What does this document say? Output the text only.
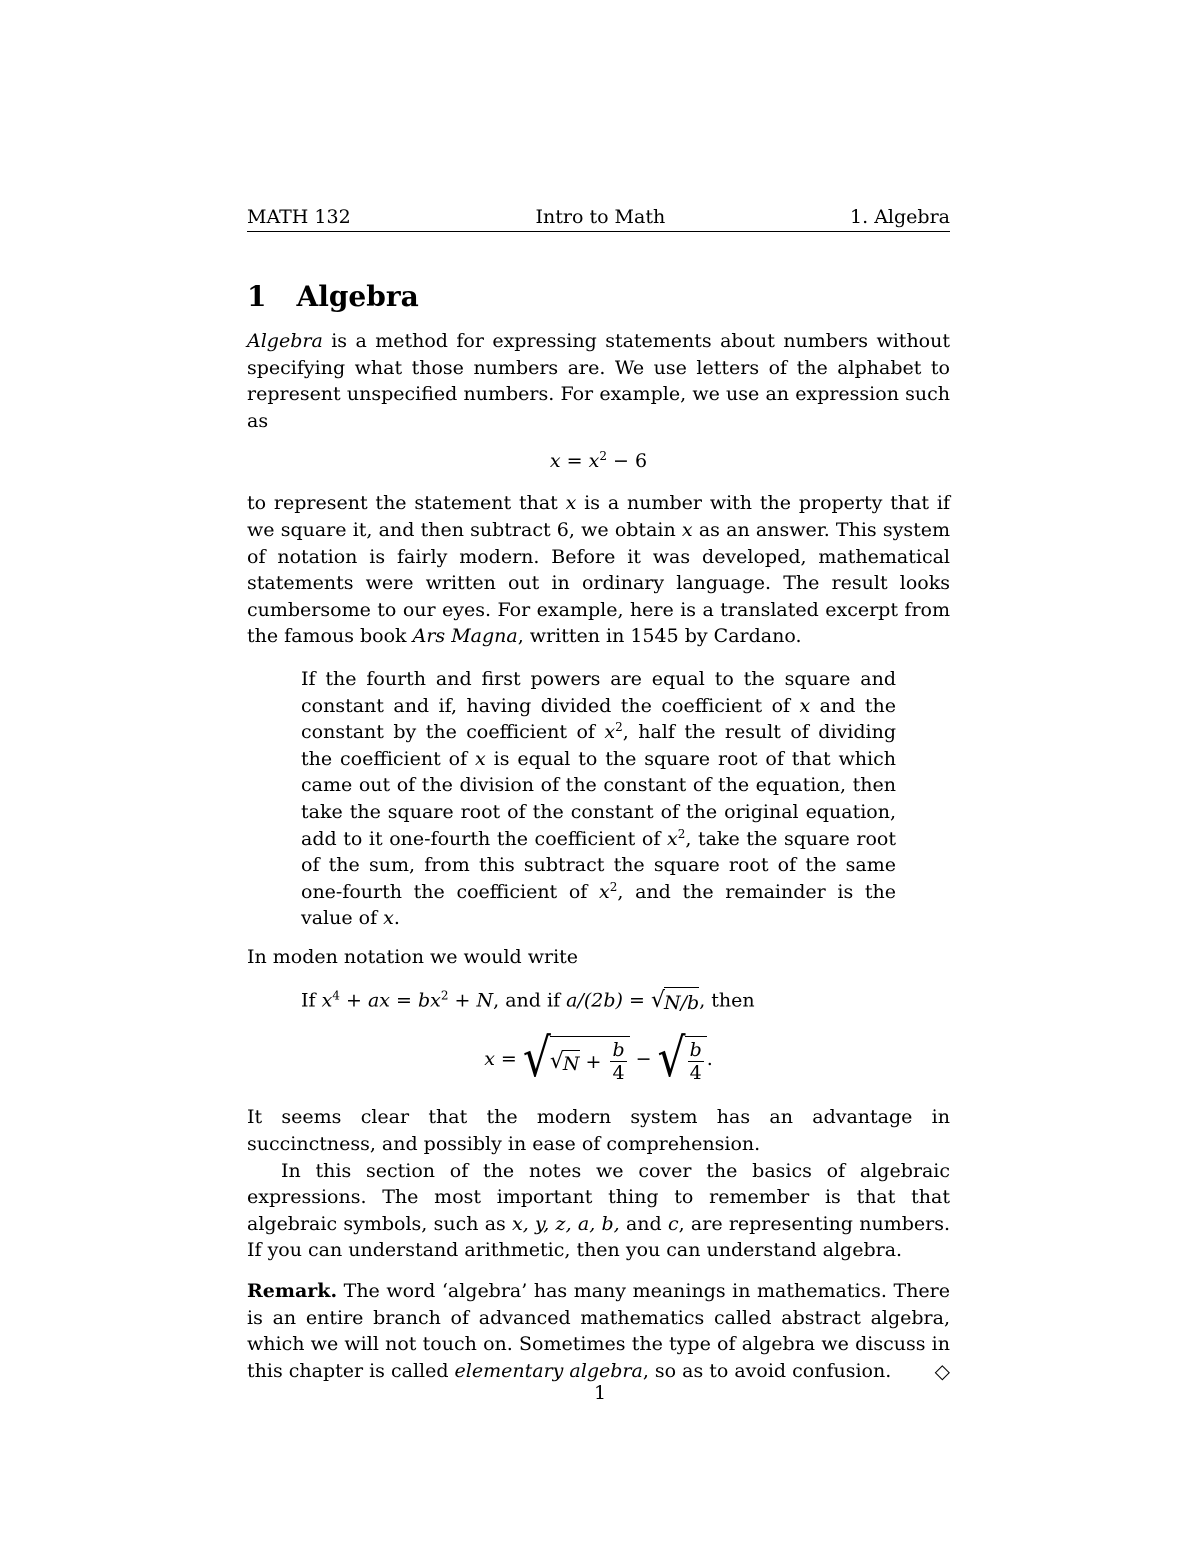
MATH 132	Intro to Math	1. Algebra
1 Algebra

Algebra is a method for expressing statements about numbers without specifying what those numbers are. We use letters of the alphabet to represent unspecified numbers. For example, we use an expression such as

$x = x^2 - 6$

to represent the statement that x is a number with the property that if we square it, and then subtract 6, we obtain x as an answer. This system of notation is fairly modern. Before it was developed, mathematical statements were written out in ordinary language. The result looks cumbersome to our eyes. For example, here is a translated excerpt from the famous book Ars Magna, written in 1545 by Cardano.

If the fourth and first powers are equal to the square and constant and if, having divided the coefficient of x and the constant by the coefficient of $x^2$, half the result of dividing the coefficient of x is equal to the square root of that which came out of the division of the constant of the equation, then take the square root of the constant of the original equation, add to it one-fourth the coefficient of $x^2$, take the square root of the sum, from this subtract the square root of the same one-fourth the coefficient of $x^2$, and the remainder is the value of x.

In moden notation we would write

If $x^4$ + ax = $bx^2 + N$, and if a/(2b) = √ N/b , then
x = √ √ $N + \frac{b}{4}$ − √ $\frac{b}{4}$ .

It seems clear that the modern system has an advantage in succinctness, and possibly in ease of comprehension.

In this section of the notes we cover the basics of algebraic expressions. The most important thing to remember is that that algebraic symbols, such as x, y, z, a, b, and c, are representing numbers. If you can understand arithmetic, then you can understand algebra.

Remark. The word ‘algebra’ has many meanings in mathematics. There is an entire branch of advanced mathematics called abstract algebra, which we will not touch on. Sometimes the type of algebra we discuss in this chapter is called elementary algebra, so as to avoid confusion. ◇

1
